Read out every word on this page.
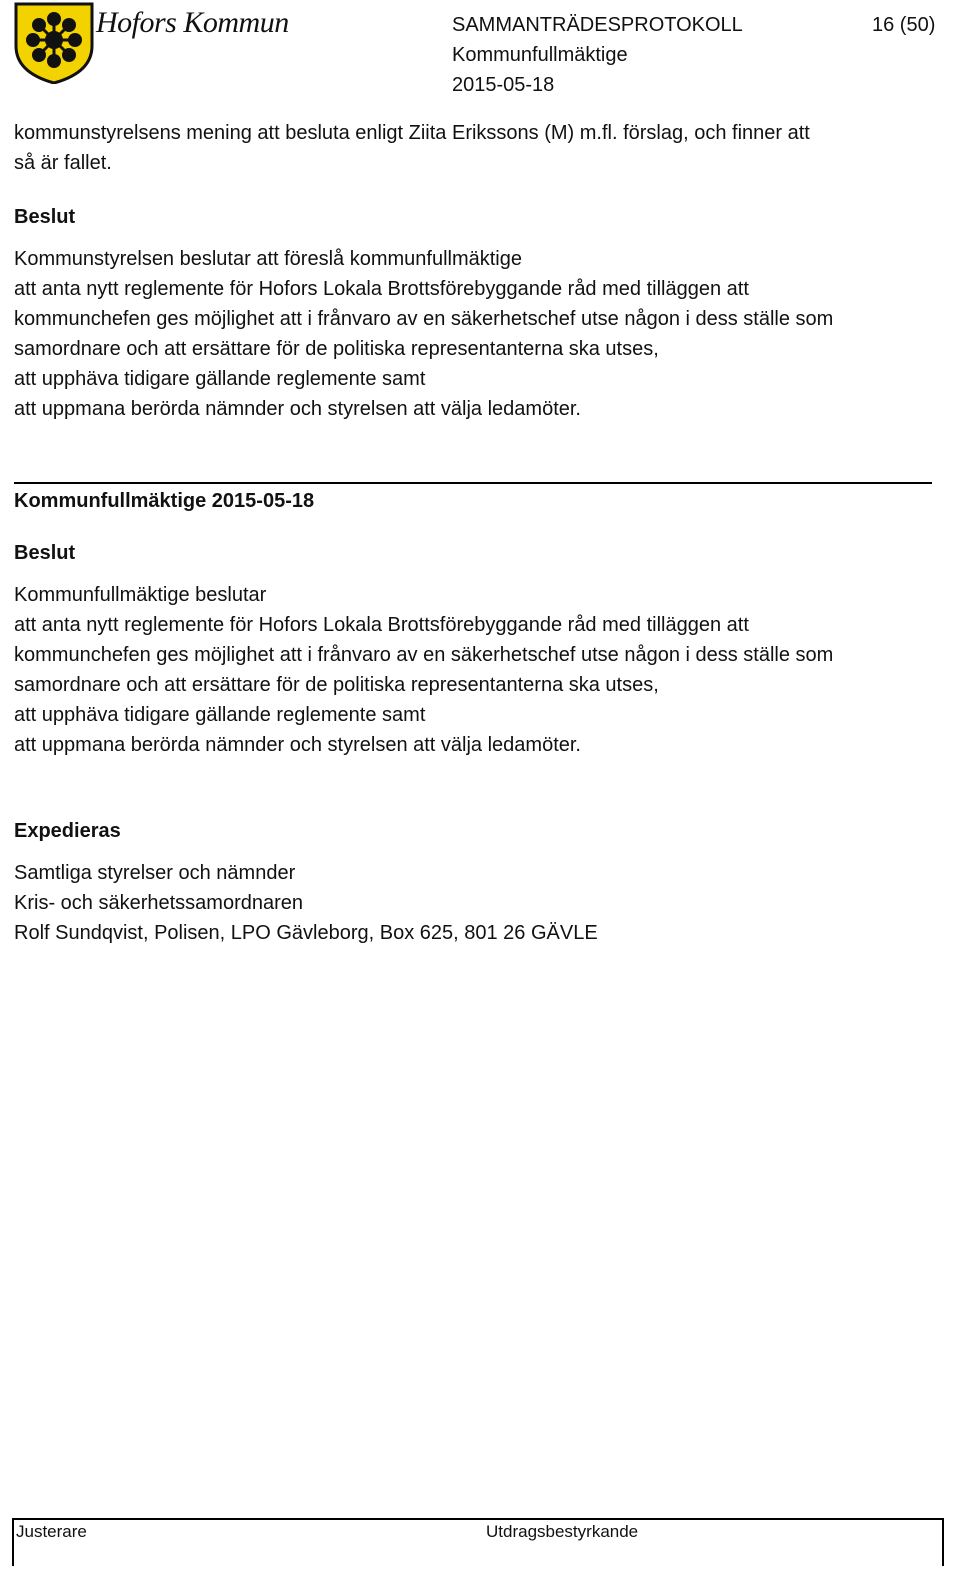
Hofors Kommun	SAMMANTRÄDESPROTOKOLL	16 (50)
Kommunfullmäktige
2015-05-18
kommunstyrelsens mening att besluta enligt Ziita Erikssons (M) m.fl. förslag, och finner att
så är fallet.
Beslut
Kommunstyrelsen beslutar att föreslå kommunfullmäktige
att anta nytt reglemente för Hofors Lokala Brottsförebyggande råd med tilläggen att
kommunchefen ges möjlighet att i frånvaro av en säkerhetschef utse någon i dess ställe som
samordnare och att ersättare för de politiska representanterna ska utses,
att upphäva tidigare gällande reglemente samt
att uppmana berörda nämnder och styrelsen att välja ledamöter.
Kommunfullmäktige 2015-05-18
Beslut
Kommunfullmäktige beslutar
att anta nytt reglemente för Hofors Lokala Brottsförebyggande råd med tilläggen att
kommunchefen ges möjlighet att i frånvaro av en säkerhetschef utse någon i dess ställe som
samordnare och att ersättare för de politiska representanterna ska utses,
att upphäva tidigare gällande reglemente samt
att uppmana berörda nämnder och styrelsen att välja ledamöter.
Expedieras
Samtliga styrelser och nämnder
Kris- och säkerhetssamordnaren
Rolf Sundqvist, Polisen, LPO Gävleborg, Box 625, 801 26 GÄVLE
Justerare	Utdragsbestyrkande
